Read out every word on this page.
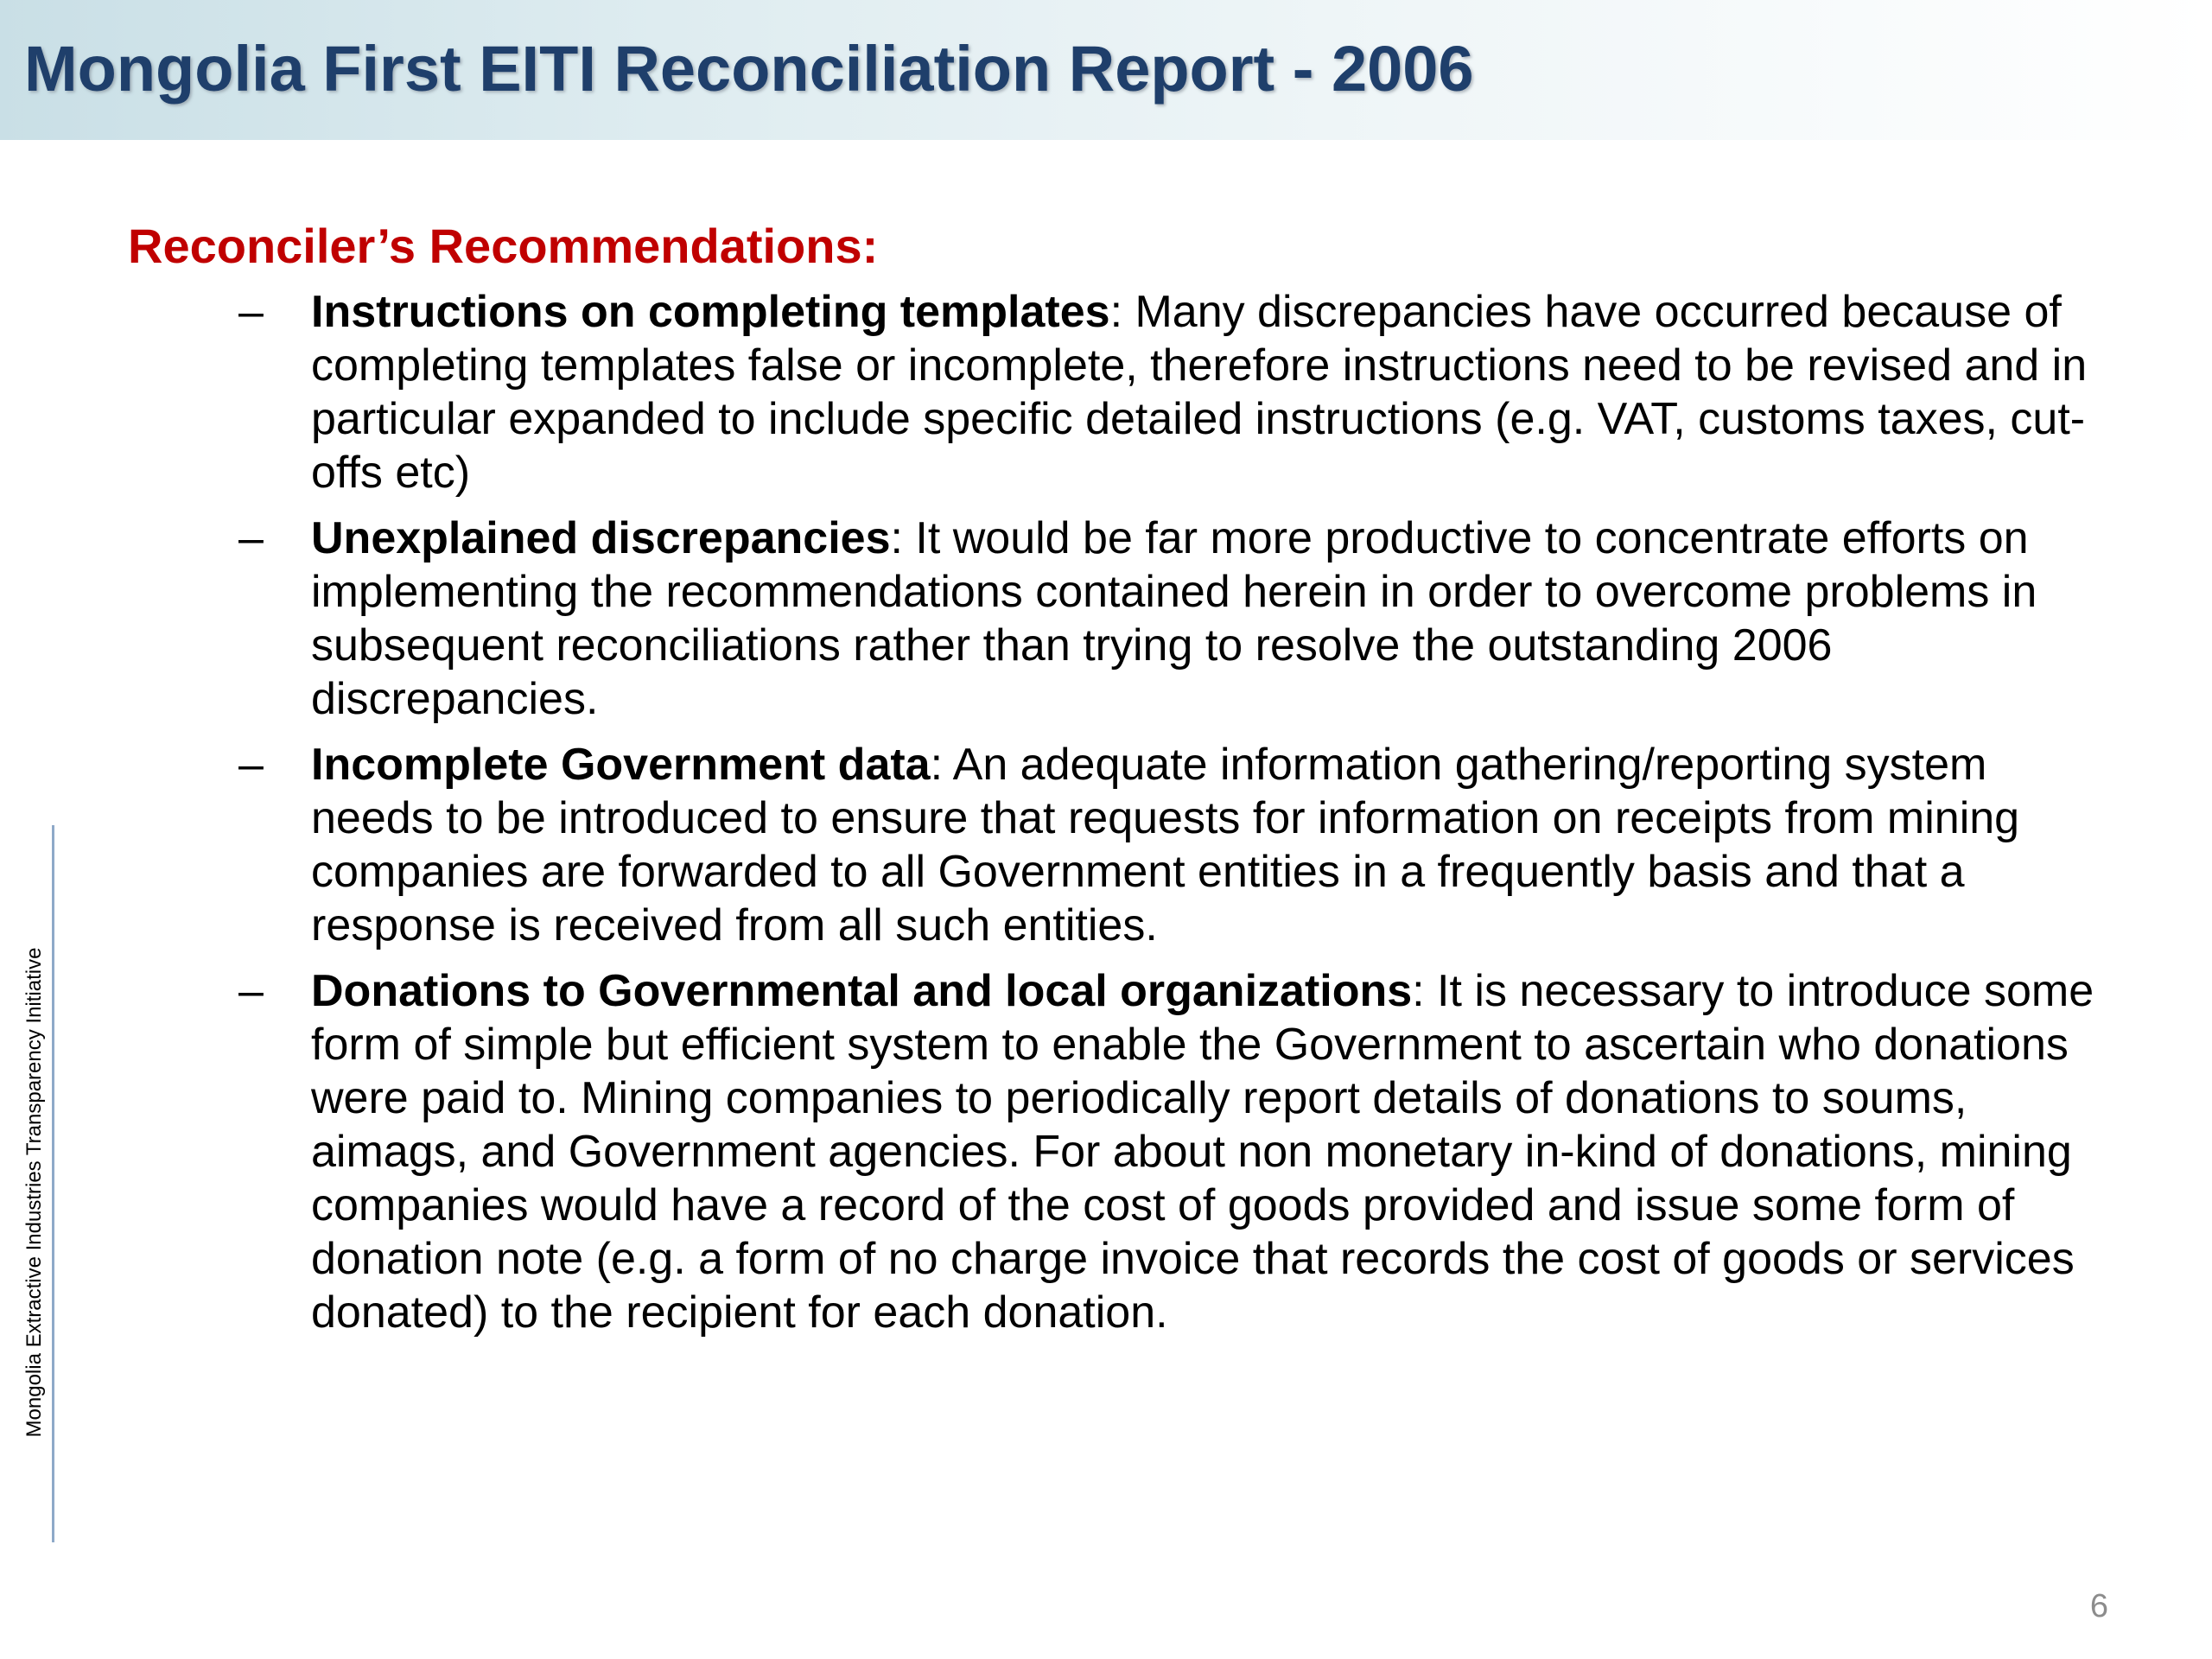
Mongolia First EITI Reconciliation Report - 2006
Reconciler’s Recommendations:
–	Instructions on completing templates: Many discrepancies have occurred because of completing templates false or incomplete, therefore instructions need to be revised and in particular expanded to include specific detailed instructions (e.g. VAT, customs taxes, cut-offs etc)
–	Unexplained discrepancies: It would be far more productive to concentrate efforts on implementing the recommendations contained herein in order to overcome problems in subsequent reconciliations rather than trying to resolve the outstanding 2006 discrepancies.
–	Incomplete Government data: An adequate information gathering/reporting system needs to be introduced to ensure that requests for information on receipts from mining companies are forwarded to all Government entities in a frequently basis and that a response is received from all such entities.
–	Donations to Governmental and local organizations: It is necessary to introduce some form of simple but efficient system to enable the Government to ascertain who donations were paid to. Mining companies to periodically report details of donations to soums, aimags, and Government agencies. For about non monetary in-kind of donations, mining companies would have a record of the cost of goods provided and issue some form of donation note (e.g. a form of no charge invoice that records the cost of goods or services donated) to the recipient for each donation.
Mongolia Extractive Industries Transparency Initiative
6
